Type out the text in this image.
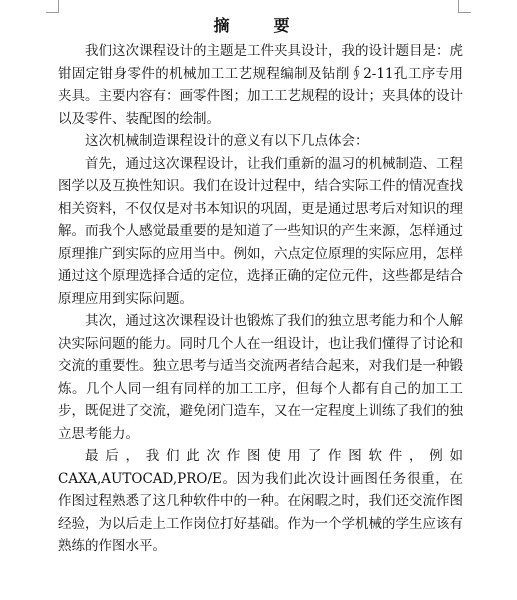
摘　要

我们这次课程设计的主题是工件夹具设计，我的设计题目是：虎钳固定钳身零件的机械加工工艺规程编制及钻削∮2-11孔工序专用夹具。主要内容有：画零件图；加工工艺规程的设计；夹具体的设计以及零件、装配图的绘制。

这次机械制造课程设计的意义有以下几点体会：

首先，通过这次课程设计，让我们重新的温习的机械制造、工程图学以及互换性知识。我们在设计过程中，结合实际工件的情况查找相关资料，不仅仅是对书本知识的巩固，更是通过思考后对知识的理解。而我个人感觉最重要的是知道了一些知识的产生来源，怎样通过原理推广到实际的应用当中。例如，六点定位原理的实际应用，怎样通过这个原理选择合适的定位，选择正确的定位元件，这些都是结合原理应用到实际问题。

其次，通过这次课程设计也锻炼了我们的独立思考能力和个人解决实际问题的能力。同时几个人在一组设计，也让我们懂得了讨论和交流的重要性。独立思考与适当交流两者结合起来，对我们是一种锻炼。几个人同一组有同样的加工工序，但每个人都有自己的加工工步，既促进了交流，避免闭门造车，又在一定程度上训练了我们的独立思考能力。

最后，我们此次作图使用了作图软件，例如CAXA,AUTOCAD,PRO/E。因为我们此次设计画图任务很重，在作图过程熟悉了这几种软件中的一种。在闲暇之时，我们还交流作图经验，为以后走上工作岗位打好基础。作为一个学机械的学生应该有熟练的作图水平。
